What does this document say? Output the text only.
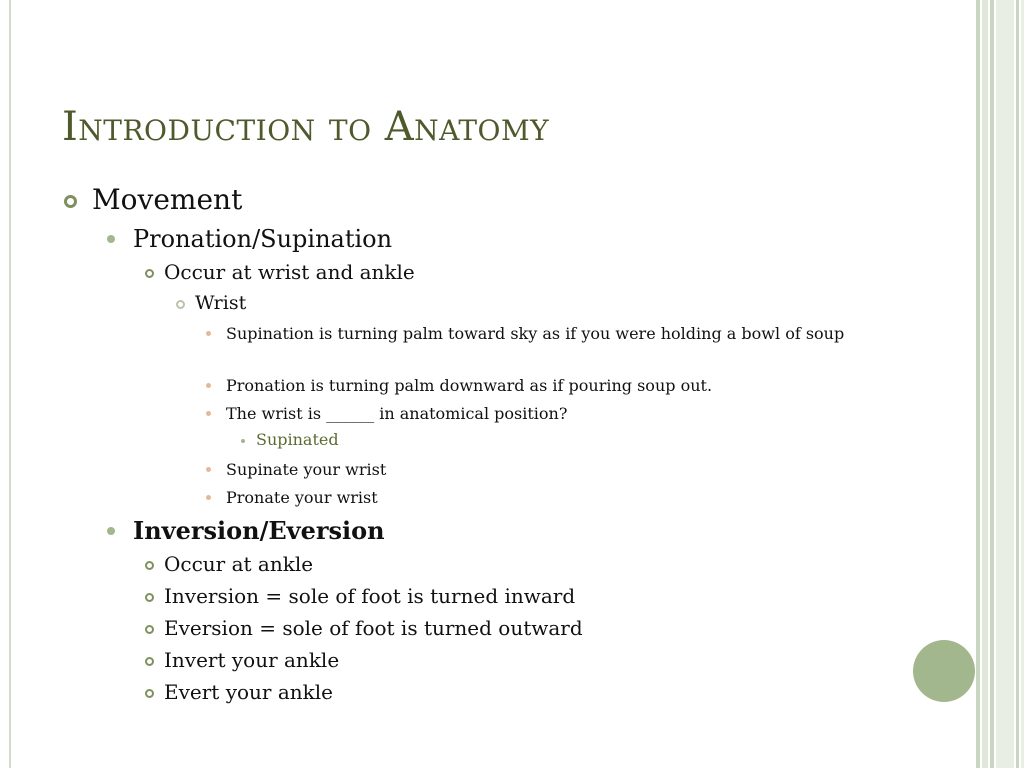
Introduction to Anatomy
Movement
Pronation/Supination
Occur at wrist and ankle
Wrist
Supination is turning palm toward sky as if you were holding a bowl of soup
Pronation is turning palm downward as if pouring soup out.
The wrist is ______ in anatomical position?
Supinated
Supinate your wrist
Pronate your wrist
Inversion/Eversion
Occur at ankle
Inversion = sole of foot is turned inward
Eversion = sole of foot is turned outward
Invert your ankle
Evert your ankle
